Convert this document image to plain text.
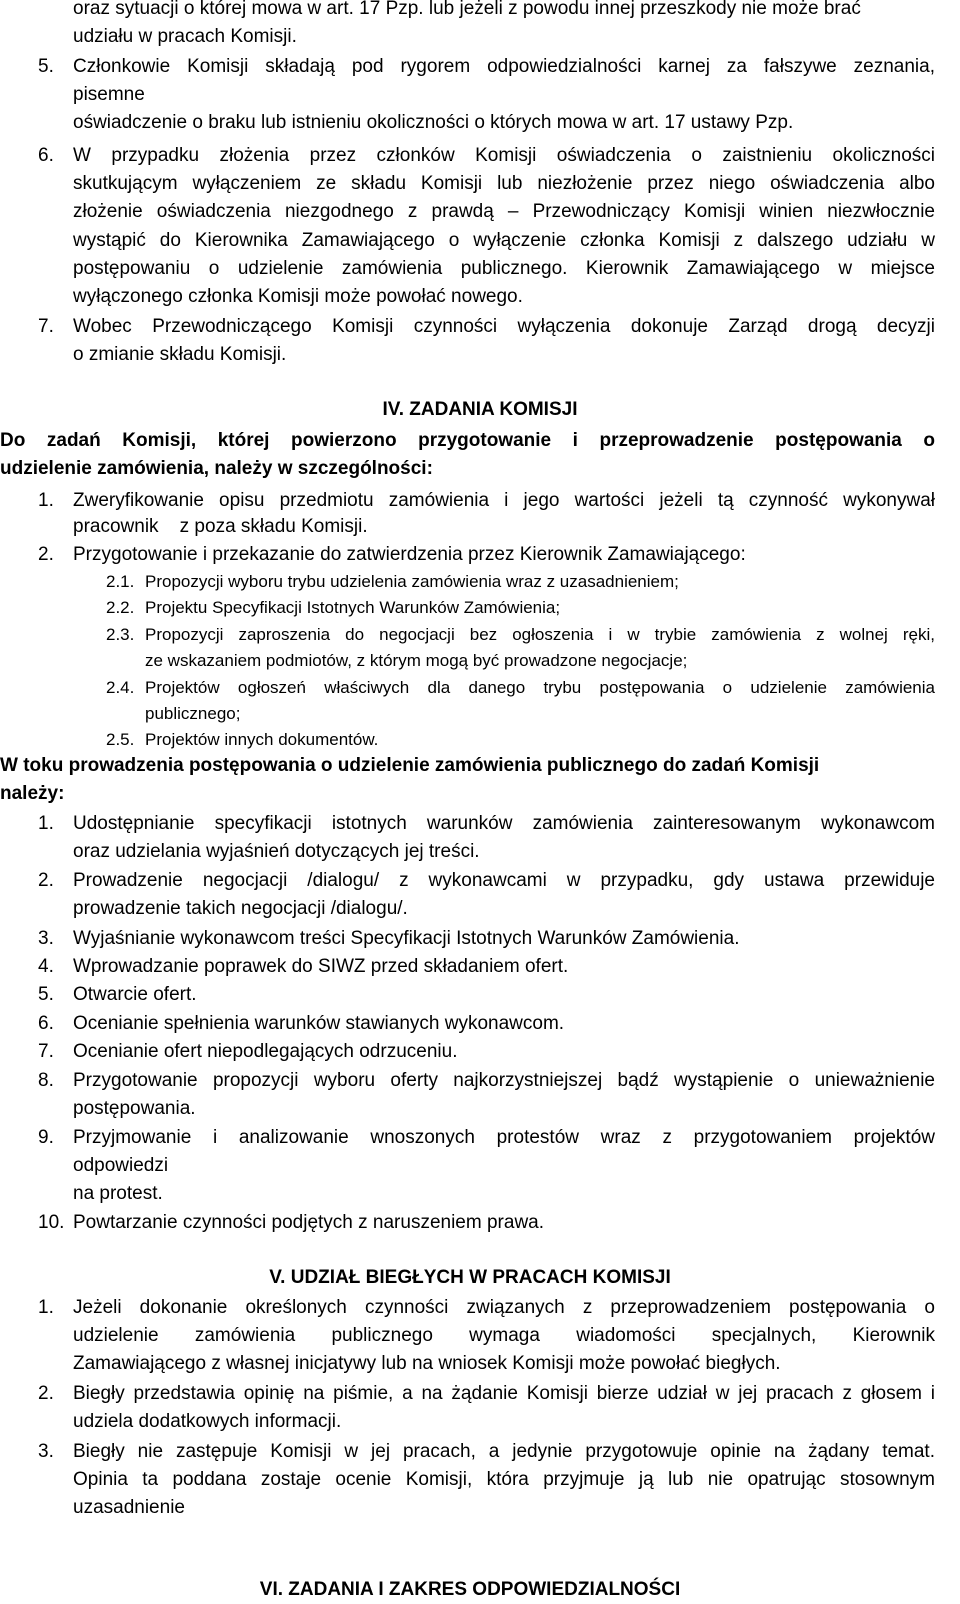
oraz sytuacji o której mowa w art. 17 Pzp. lub jeżeli z powodu innej przeszkody nie może brać
udziału w pracach Komisji.
5.	Członkowie Komisji składają pod rygorem odpowiedzialności karnej za fałszywe zeznania,
pisemne
oświadczenie o braku lub istnieniu okoliczności o których mowa w art. 17 ustawy Pzp.
6.	W przypadku złożenia przez członków Komisji oświadczenia o zaistnieniu okoliczności
skutkującym wyłączeniem ze składu Komisji lub niezłożenie przez niego oświadczenia albo
złożenie oświadczenia niezgodnego z prawdą – Przewodniczący Komisji winien niezwłocznie
wystąpić do Kierownika Zamawiającego o wyłączenie członka Komisji z dalszego udziału w
postępowaniu o udzielenie zamówienia publicznego. Kierownik Zamawiającego w miejsce
wyłączonego członka Komisji może powołać nowego.
7.	Wobec Przewodniczącego Komisji czynności wyłączenia dokonuje Zarząd drogą decyzji
o zmianie składu Komisji.
IV. ZADANIA KOMISJI
Do zadań Komisji, której powierzono przygotowanie i przeprowadzenie postępowania o
udzielenie zamówienia, należy w szczególności:
1.	Zweryfikowanie opisu przedmiotu zamówienia i jego wartości jeżeli tą czynność wykonywał
pracownik    z poza składu Komisji.
2.	Przygotowanie i przekazanie do zatwierdzenia przez Kierownik Zamawiającego:
2.1. Propozycji wyboru trybu udzielenia zamówienia wraz z uzasadnieniem;
2.2. Projektu Specyfikacji Istotnych Warunków Zamówienia;
2.3. Propozycji zaproszenia do negocjacji bez ogłoszenia i w trybie zamówienia z wolnej ręki,
ze wskazaniem podmiotów, z którym mogą być prowadzone negocjacje;
2.4. Projektów ogłoszeń właściwych dla danego trybu postępowania o udzielenie zamówienia
publicznego;
2.5. Projektów innych dokumentów.
W toku prowadzenia postępowania o udzielenie zamówienia publicznego do zadań Komisji
należy:
1.	Udostępnianie specyfikacji istotnych warunków zamówienia zainteresowanym wykonawcom
oraz udzielania wyjaśnień dotyczących jej treści.
2.	Prowadzenie negocjacji /dialogu/ z wykonawcami w przypadku, gdy ustawa przewiduje
prowadzenie takich negocjacji /dialogu/.
3.	Wyjaśnianie wykonawcom treści Specyfikacji Istotnych Warunków Zamówienia.
4.	Wprowadzanie poprawek do SIWZ przed składaniem ofert.
5.	Otwarcie ofert.
6.	Ocenianie spełnienia warunków stawianych wykonawcom.
7.	Ocenianie ofert niepodlegających odrzuceniu.
8.	Przygotowanie propozycji wyboru oferty najkorzystniejszej bądź wystąpienie o unieważnienie
postępowania.
9.	Przyjmowanie i analizowanie wnoszonych protestów wraz z przygotowaniem projektów
odpowiedzi
na protest.
10. Powtarzanie czynności podjętych z naruszeniem prawa.
V. UDZIAŁ BIEGŁYCH W PRACACH KOMISJI
1.	Jeżeli dokonanie określonych czynności związanych z przeprowadzeniem postępowania o
udzielenie zamówienia publicznego wymaga wiadomości specjalnych, Kierownik
Zamawiającego z własnej inicjatywy lub na wniosek Komisji może powołać biegłych.
2.	Biegły przedstawia opinię na piśmie, a na żądanie Komisji bierze udział w jej pracach z głosem i
udziela dodatkowych informacji.
3.	Biegły nie zastępuje Komisji w jej pracach, a jedynie przygotowuje opinie na żądany temat.
Opinia ta poddana zostaje ocenie Komisji, która przyjmuje ją lub nie opatrując stosownym
uzasadnienie
VI. ZADANIA I ZAKRES ODPOWIEDZIALNOŚCI
